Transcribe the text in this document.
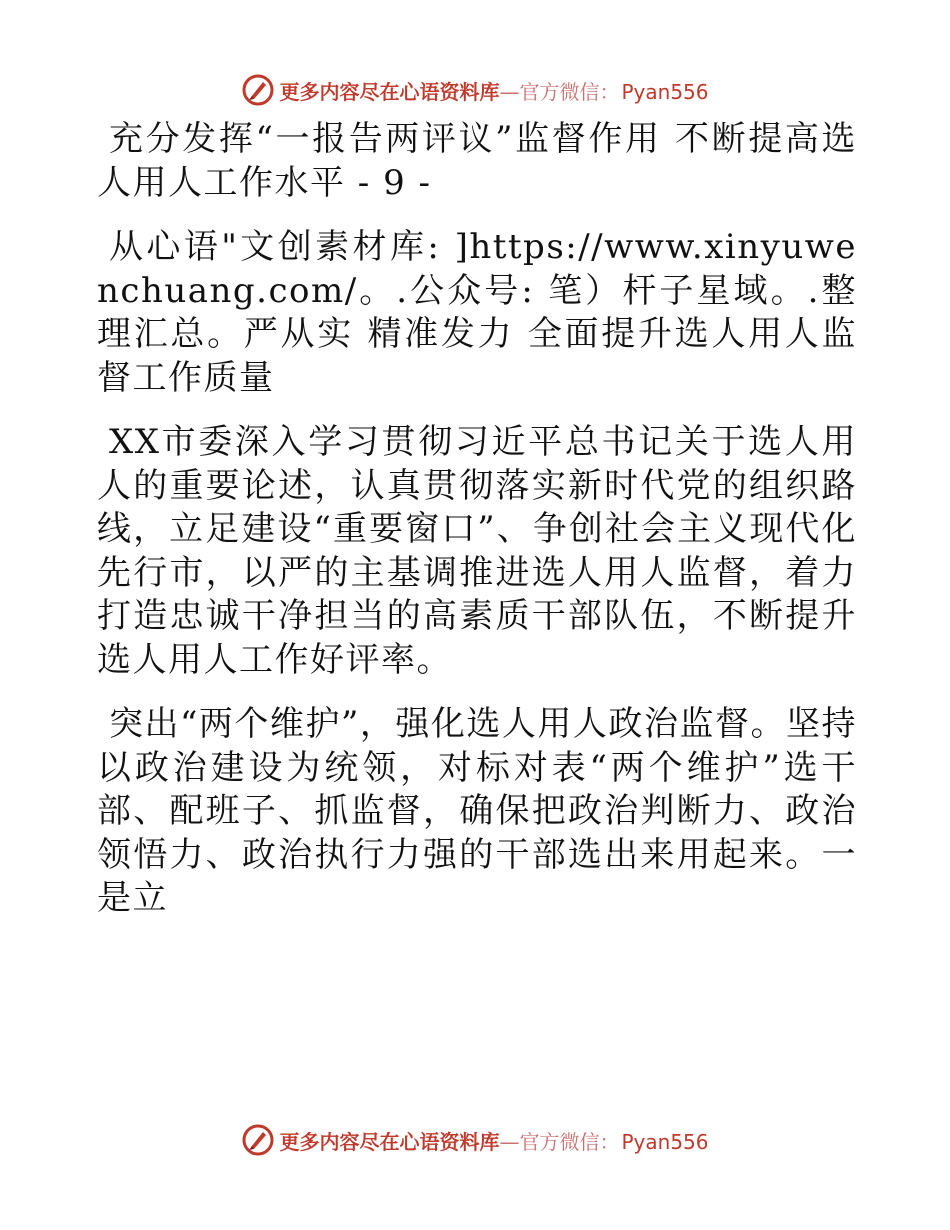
更多内容尽在心语资料库—官方微信： Pyan556

充分发挥“一报告两评议”监督作用 不断提高选人用人工作水平 - 9 -

从心语"文创素材库: ]https://www.xinyuwenchuang.com/。.公众号: 笔）杆子星域。.整理汇总。严从实 精准发力 全面提升选人用人监督工作质量

XX市委深入学习贯彻习近平总书记关于选人用人的重要论述，认真贯彻落实新时代党的组织路线，立足建设“重要窗口”、争创社会主义现代化先行市，以严的主基调推进选人用人监督，着力打造忠诚干净担当的高素质干部队伍，不断提升选人用人工作好评率。

突出“两个维护”，强化选人用人政治监督。坚持以政治建设为统领，对标对表“两个维护”选干部、配班子、抓监督，确保把政治判断力、政治领悟力、政治执行力强的干部选出来用起来。一是立

更多内容尽在心语资料库—官方微信： Pyan556
